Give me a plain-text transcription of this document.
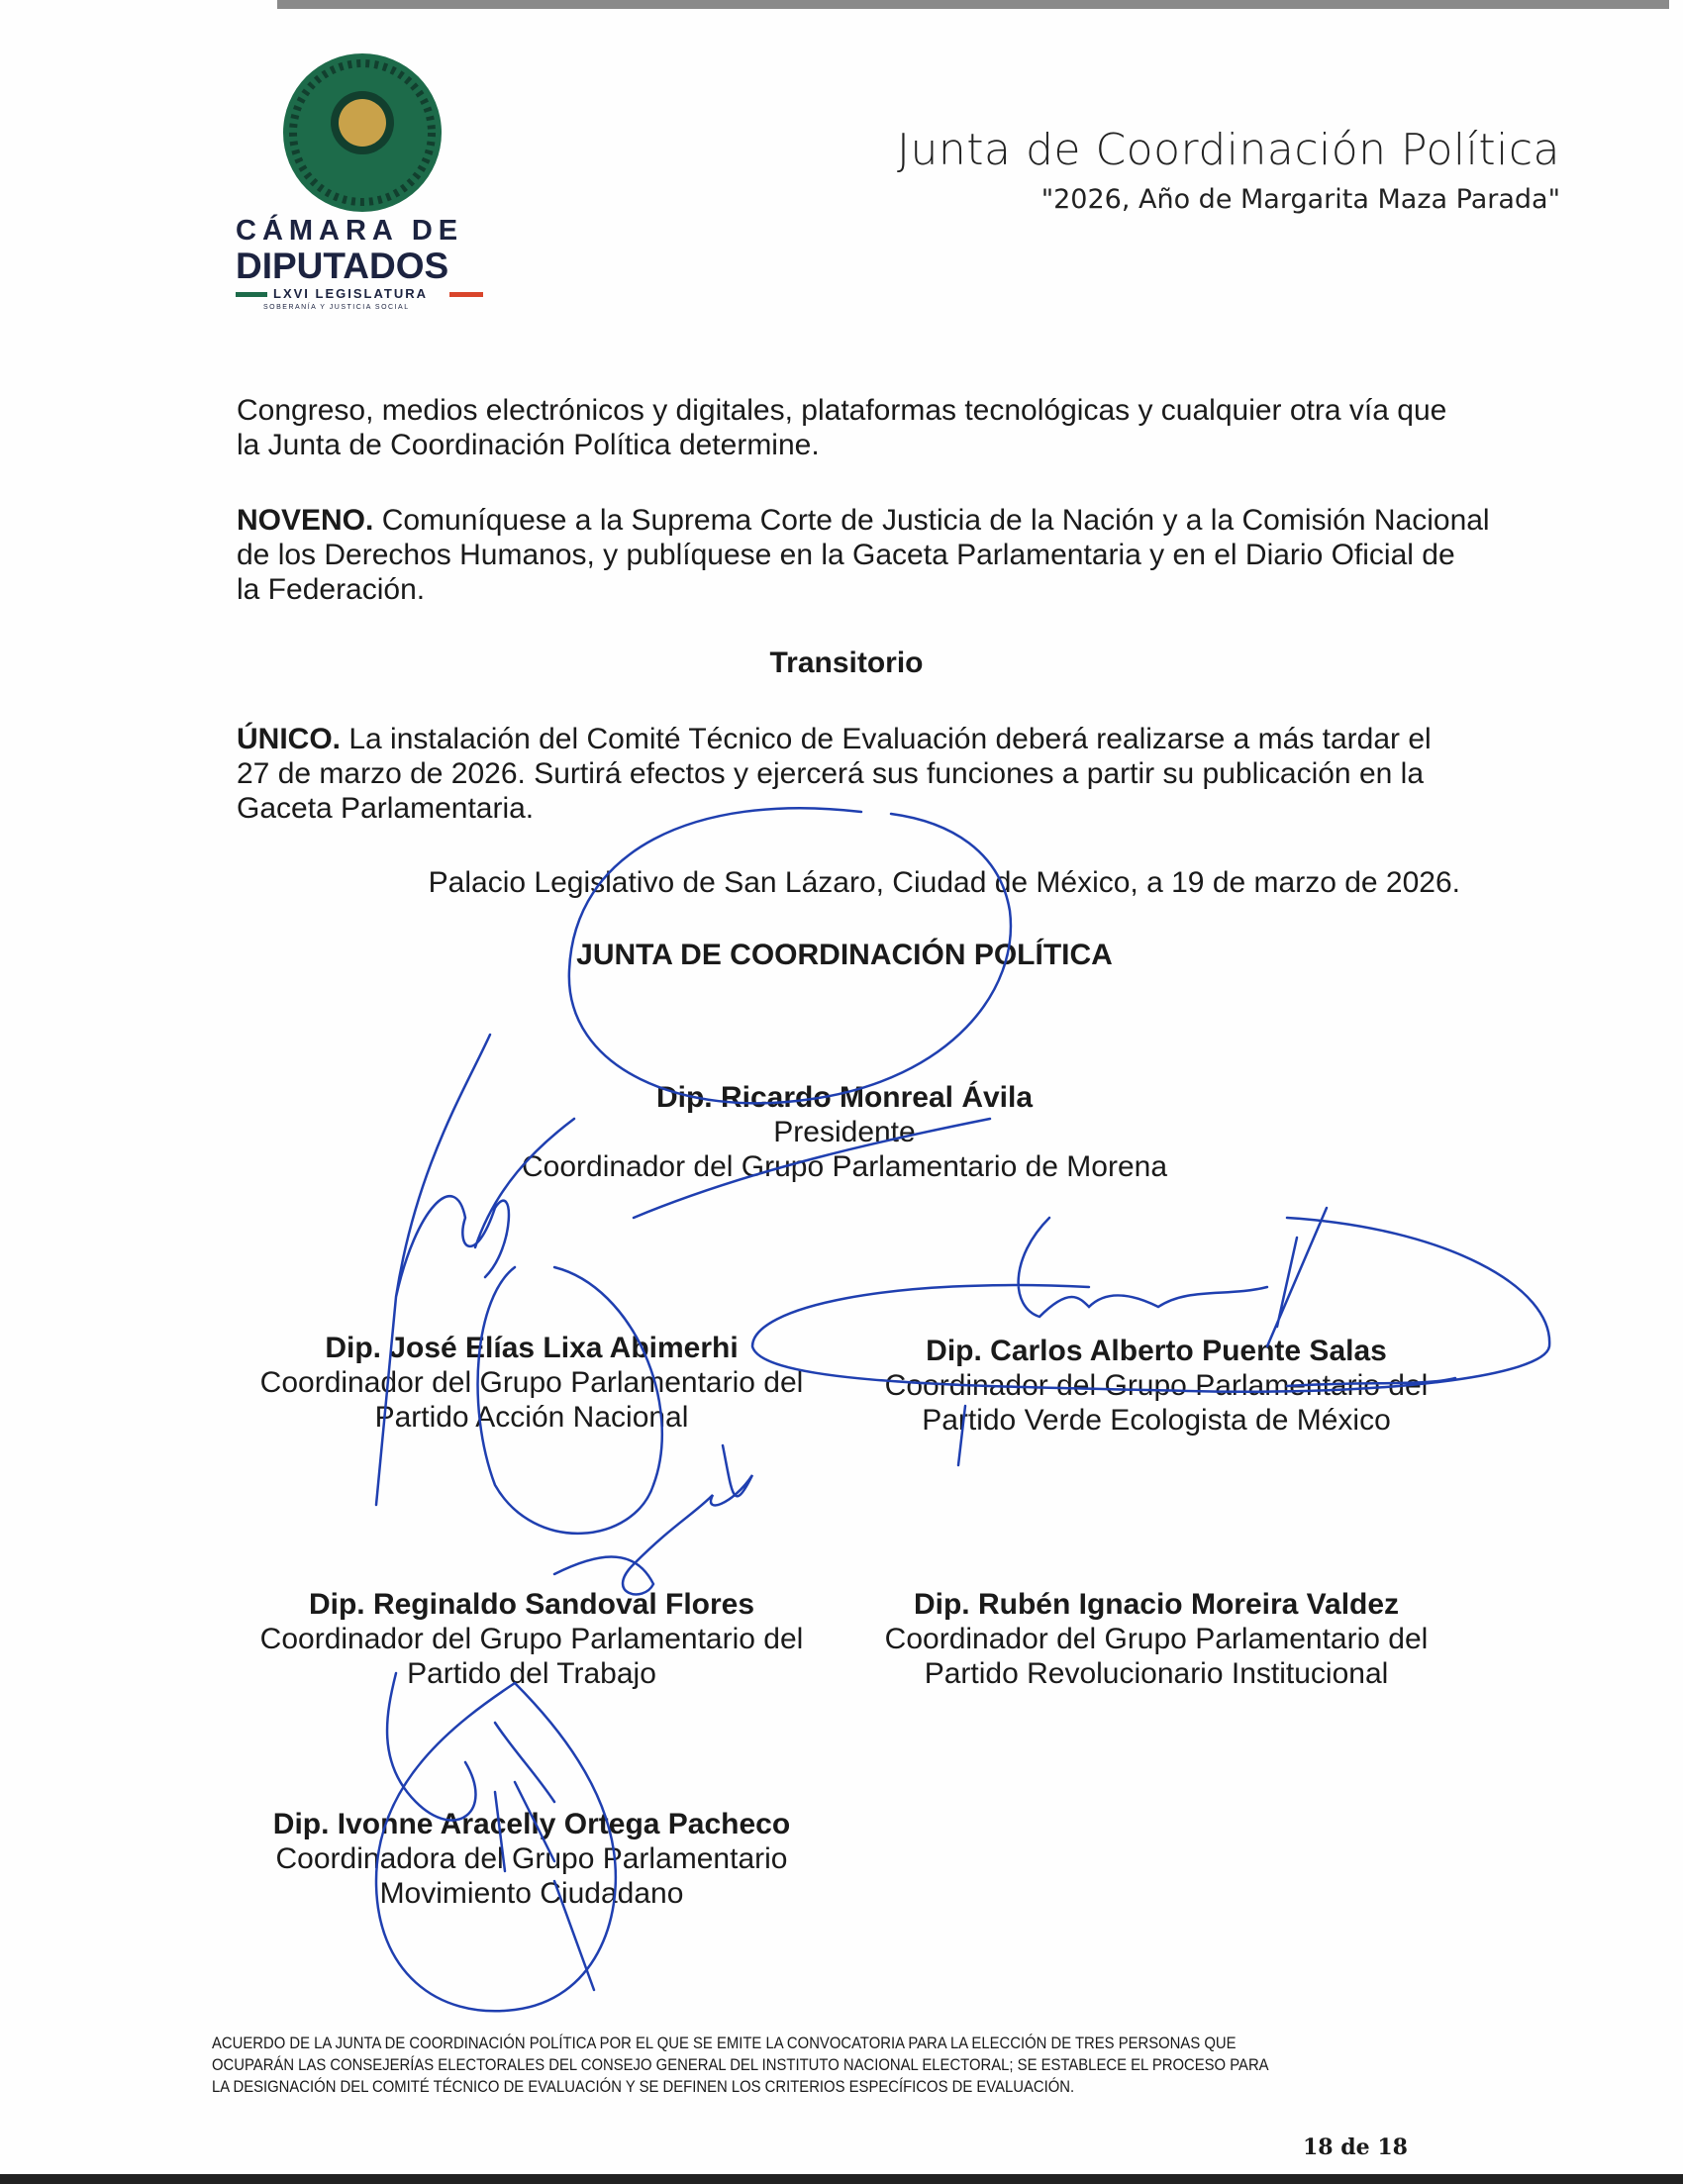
CÁMARA DE
DIPUTADOS
LXVI LEGISLATURA
SOBERANÍA Y JUSTICIA SOCIAL
Junta de Coordinación Política
"2026, Año de Margarita Maza Parada"
Congreso, medios electrónicos y digitales, plataformas tecnológicas y cualquier otra vía que
la Junta de Coordinación Política determine.
NOVENO. Comuníquese a la Suprema Corte de Justicia de la Nación y a la Comisión Nacional
de los Derechos Humanos, y publíquese en la Gaceta Parlamentaria y en el Diario Oficial de
la Federación.
Transitorio
ÚNICO. La instalación del Comité Técnico de Evaluación deberá realizarse a más tardar el
27 de marzo de 2026. Surtirá efectos y ejercerá sus funciones a partir su publicación en la
Gaceta Parlamentaria.
Palacio Legislativo de San Lázaro, Ciudad de México, a 19 de marzo de 2026.
JUNTA DE COORDINACIÓN POLÍTICA
Dip. Ricardo Monreal Ávila
Presidente
Coordinador del Grupo Parlamentario de Morena
Dip. José Elías Lixa Abimerhi
Coordinador del Grupo Parlamentario del
Partido Acción Nacional
Dip. Carlos Alberto Puente Salas
Coordinador del Grupo Parlamentario del
Partido Verde Ecologista de México
Dip. Reginaldo Sandoval Flores
Coordinador del Grupo Parlamentario del
Partido del Trabajo
Dip. Rubén Ignacio Moreira Valdez
Coordinador del Grupo Parlamentario del
Partido Revolucionario Institucional
Dip. Ivonne Aracelly Ortega Pacheco
Coordinadora del Grupo Parlamentario
Movimiento Ciudadano
ACUERDO DE LA JUNTA DE COORDINACIÓN POLÍTICA POR EL QUE SE EMITE LA CONVOCATORIA PARA LA ELECCIÓN DE TRES PERSONAS QUE
OCUPARÁN LAS CONSEJERÍAS ELECTORALES DEL CONSEJO GENERAL DEL INSTITUTO NACIONAL ELECTORAL; SE ESTABLECE EL PROCESO PARA
LA DESIGNACIÓN DEL COMITÉ TÉCNICO DE EVALUACIÓN Y SE DEFINEN LOS CRITERIOS ESPECÍFICOS DE EVALUACIÓN.
18 de 18
